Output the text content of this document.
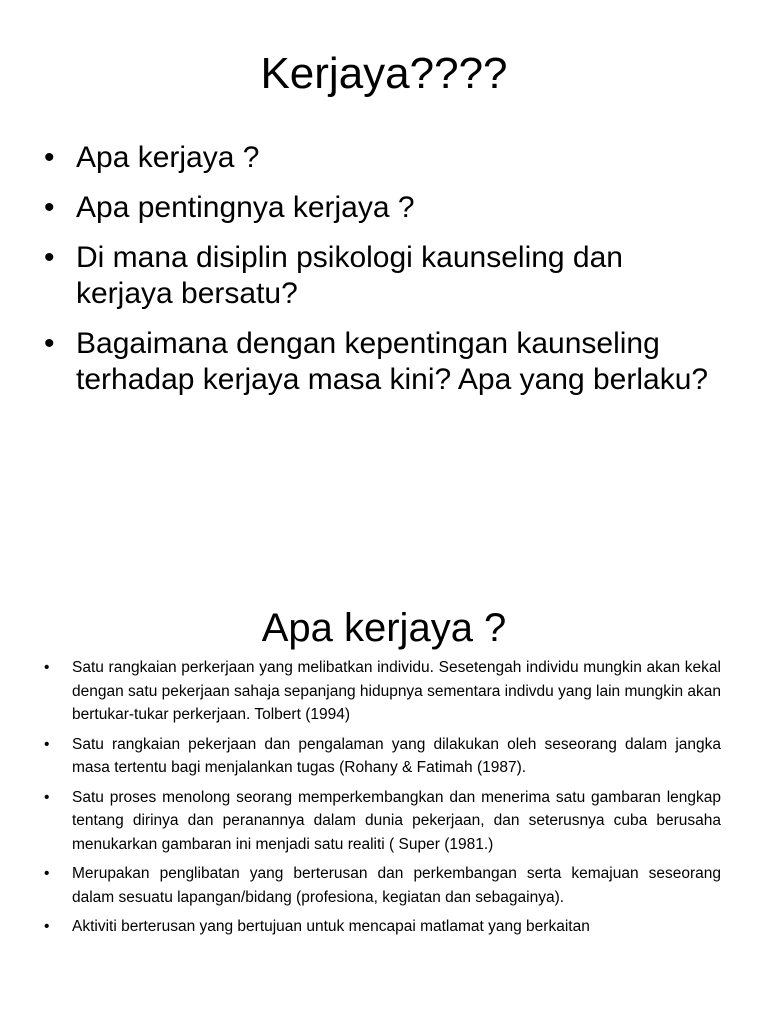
Kerjaya????
• Apa kerjaya ?
• Apa pentingnya kerjaya ?
• Di mana disiplin psikologi kaunseling dan kerjaya bersatu?
• Bagaimana dengan kepentingan kaunseling terhadap kerjaya masa kini? Apa yang berlaku?
Apa kerjaya ?
• Satu rangkaian perkerjaan yang melibatkan individu. Sesetengah individu mungkin akan kekal dengan satu pekerjaan sahaja sepanjang hidupnya sementara indivdu yang lain mungkin akan bertukar-tukar perkerjaan. Tolbert (1994)
• Satu rangkaian pekerjaan dan pengalaman yang dilakukan oleh seseorang dalam jangka masa tertentu bagi menjalankan tugas (Rohany & Fatimah (1987).
• Satu proses menolong seorang memperkembangkan dan menerima satu gambaran lengkap tentang dirinya dan peranannya dalam dunia pekerjaan, dan seterusnya cuba berusaha menukarkan gambaran ini menjadi satu realiti ( Super (1981.)
• Merupakan penglibatan yang berterusan dan perkembangan serta kemajuan seseorang dalam sesuatu lapangan/bidang (profesiona, kegiatan dan sebagainya).
• Aktiviti berterusan yang bertujuan untuk mencapai matlamat yang berkaitan
